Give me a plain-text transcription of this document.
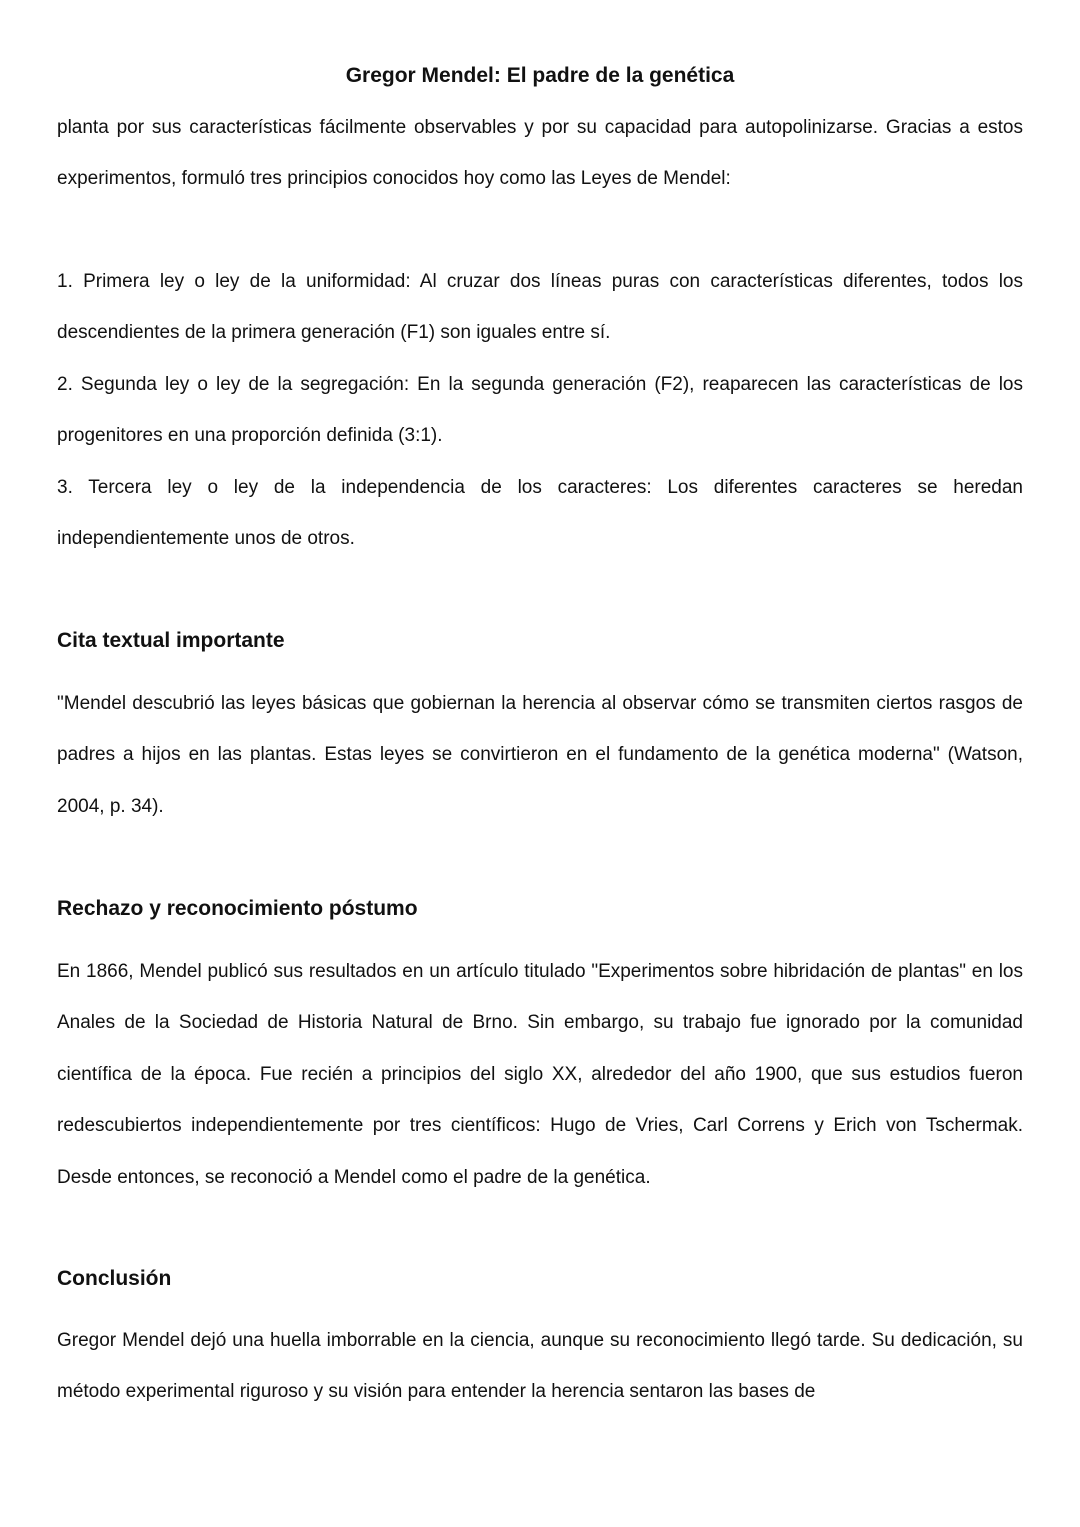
Gregor Mendel: El padre de la genética

planta por sus características fácilmente observables y por su capacidad para autopolinizarse. Gracias a estos experimentos, formuló tres principios conocidos hoy como las Leyes de Mendel:

1. Primera ley o ley de la uniformidad: Al cruzar dos líneas puras con características diferentes, todos los descendientes de la primera generación (F1) son iguales entre sí.

2. Segunda ley o ley de la segregación: En la segunda generación (F2), reaparecen las características de los progenitores en una proporción definida (3:1).

3. Tercera ley o ley de la independencia de los caracteres: Los diferentes caracteres se heredan independientemente unos de otros.

Cita textual importante

"Mendel descubrió las leyes básicas que gobiernan la herencia al observar cómo se transmiten ciertos rasgos de padres a hijos en las plantas. Estas leyes se convirtieron en el fundamento de la genética moderna" (Watson, 2004, p. 34).

Rechazo y reconocimiento póstumo

En 1866, Mendel publicó sus resultados en un artículo titulado "Experimentos sobre hibridación de plantas" en los Anales de la Sociedad de Historia Natural de Brno. Sin embargo, su trabajo fue ignorado por la comunidad científica de la época. Fue recién a principios del siglo XX, alrededor del año 1900, que sus estudios fueron redescubiertos independientemente por tres científicos: Hugo de Vries, Carl Correns y Erich von Tschermak. Desde entonces, se reconoció a Mendel como el padre de la genética.

Conclusión

Gregor Mendel dejó una huella imborrable en la ciencia, aunque su reconocimiento llegó tarde. Su dedicación, su método experimental riguroso y su visión para entender la herencia sentaron las bases de
